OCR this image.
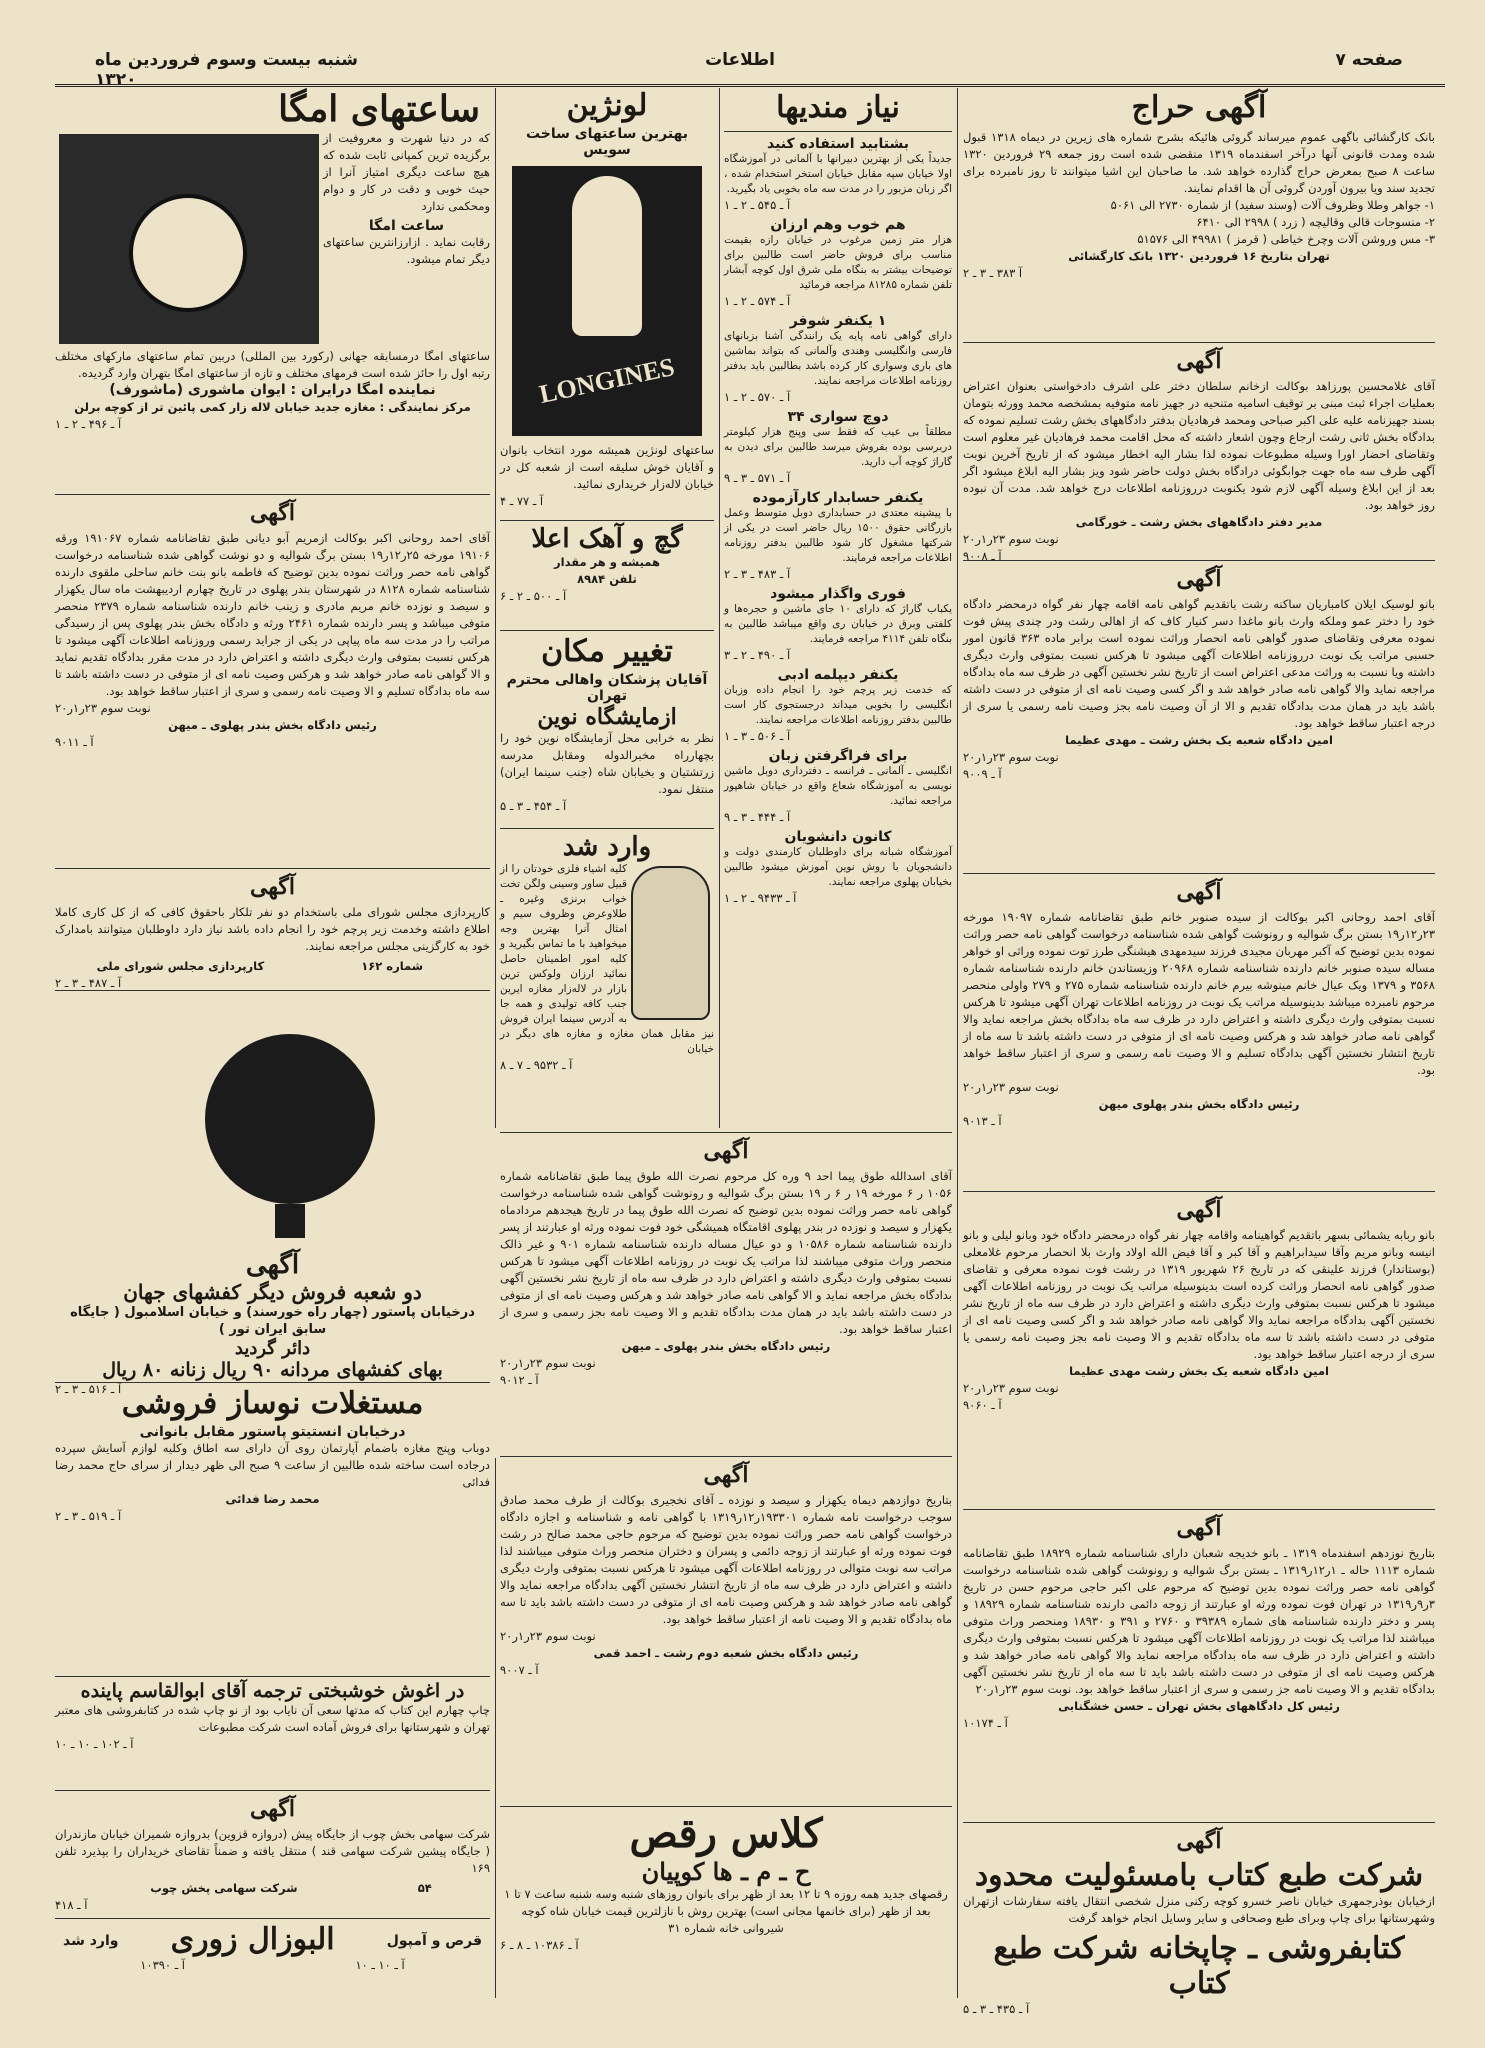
شنبه بیست وسوم فروردین ماه ۱۳۲۰
اطلاعات	صفحه ۷
آگهی حراج
بانک کارگشائی باگهی عموم میرساند گروئی هائیکه بشرح شماره های زیرین در دیماه ۱۳۱۸ قبول شده ومدت قانونی آنها درآخر اسفندماه ۱۳۱۹ منقضی شده است روز جمعه ۲۹ فروردین ۱۳۲۰ ساعت ۸ صبح بمعرض حراج گذارده خواهد شد. ما صاحبان این اشیا میتوانند تا روز نامبرده برای تجدید سند ویا بیرون آوردن گروئی آن ها اقدام نمایند.
۱- جواهر وطلا وظروف آلات (وسند سفید) از شماره ۲۷۳۰ الی ۵۰۶۱
۲- منسوجات قالی وقالیچه ( زرد ) ۲۹۹۸ الی ۶۴۱۰
۳- مس وروشن آلات وچرخ خیاطی ( قرمز ) ۴۹۹۸۱ الی ۵۱۵۷۶
تهران بتاریخ ۱۶ فروردین ۱۳۲۰ بانک کارگشائی
آ ۳۸۳ ـ ۳ ـ ۲
آگهی
آقای غلامحسین پورزاهد بوکالت ازخانم سلطان دختر علی اشرف دادخواستی بعنوان اعتراض بعملیات اجراء ثبت مبنی بر توقیف اسامیه متنحیه در جهیز نامه متوفیه بمشخصه محمد وورثه بتومان بسند جهیزنامه علیه علی اکبر صباحی ومحمد فرهادیان بدفتر دادگاههای بخش رشت تسلیم نموده که بدادگاه بخش ثانی رشت ارجاع وچون اشعار داشته که محل اقامت محمد فرهادیان غیر معلوم است وتقاضای احضار اورا وسیله مطبوعات نموده لذا بشار الیه اخطار میشود که از تاریخ آخرین نوبت آگهی طرف سه ماه جهت جوابگوئی درادگاه بخش دولت حاضر شود ویز بشار الیه ابلاغ میشود اگر بعد از این ابلاغ وسیله آگهی لازم شود یکنوبت درروزنامه اطلاعات درج خواهد شد. مدت آن نبوده روز خواهد بود.
مدیر دفتر دادگاههای بخش رشت ـ خورگامی
نوبت سوم ۲۳ر۱ر۲۰
آ ـ ۹۰۰۸
آگهی
بانو لوسیک ایلان کامباریان ساکنه رشت باتقدیم گواهی نامه اقامه چهار نفر گواه درمحضر دادگاه خود را دختر عمو وملکه وارث بانو ماغدا دسر کنیار کاف که از اهالی رشت ودر چندی پیش فوت نموده معرفی وتقاضای صدور گواهی نامه انحصار وراثت نموده است برابر ماده ۳۶۳ قانون امور حسبی مراتب یک نوبت درروزنامه اطلاعات آگهی میشود تا هرکس نسبت بمتوفی وارث دیگری داشته ویا نسبت به وراثت مدعی اعتراض است از تاریخ نشر نخستین آگهی در ظرف سه ماه بدادگاه مراجعه نماید والا گواهی نامه صادر خواهد شد و اگر کسی وصیت نامه ای از متوفی در دست داشته باشد باید در همان مدت بدادگاه تقدیم و الا از آن وصیت نامه بجز وصیت نامه رسمی یا سری از درجه اعتبار ساقط خواهد بود.
امین دادگاه شعبه یک بخش رشت ـ مهدی عظیما
نوبت سوم ۲۳ر۱ر۲۰
آ ـ ۹۰۰۹
آگهی
آقای احمد روحانی اکبر بوکالت از سیده صنوبر خانم طبق تقاضانامه شماره ۱۹۰۹۷ مورخه ۲۳ر۱۲ر۱۹ بستن برگ شوالیه و رونوشت گواهی شده شناسنامه درخواست گواهی نامه حصر وراثت نموده بدین توضیح که آکبر مهربان مجیدی فرزند سیدمهدی هیشنگی طرز توت نموده وراثی او خواهر مساله سیده صنوبر خانم دارنده شناسنامه شماره ۲۰۹۶۸ وزیستاندن خانم دارنده شناسنامه شماره ۳۵۶۸ و ۱۳۷۹ ویک عیال خانم مینوشه بیرم خانم دارنده شناسنامه شماره ۲۷۵ و ۲۷۹ واولی منحصر مرحوم نامبرده میباشد بدینوسیله مراتب یک نوبت در روزنامه اطلاعات تهران آگهی میشود تا هرکس نسبت بمتوفی وارث دیگری داشته و اعتراض دارد در ظرف سه ماه بدادگاه بخش مراجعه نماید والا گواهی نامه صادر خواهد شد و هرکس وصیت نامه ای از متوفی در دست داشته باشد تا سه ماه از تاریخ انتشار نخستین آگهی بدادگاه تسلیم و الا وصیت نامه رسمی و سری از اعتبار ساقط خواهد بود.
نوبت سوم ۲۳ر۱ر۲۰
رئیس دادگاه بخش بندر پهلوی میهن
آ ـ ۹۰۱۳
آگهی
بانو ربابه یشمائی بسهر باتقدیم گواهینامه واقامه چهار نفر گواه درمحضر دادگاه خود وبانو لیلی و بانو انیسه وبانو مریم وآقا سیدابراهیم و آقا کبر و آقا فیض الله اولاد وارث بلا انحصار مرحوم غلامعلی (بوستاندار) فرزند علینقی که در تاریخ ۲۶ شهریور ۱۳۱۹ در رشت فوت نموده معرفی و تقاضای صدور گواهی نامه انحصار وراثت کرده است بدینوسیله مراتب یک نوبت در روزنامه اطلاعات آگهی میشود تا هرکس نسبت بمتوفی وارث دیگری داشته و اعتراض دارد در ظرف سه ماه از تاریخ نشر نخستین آگهی بدادگاه مراجعه نماید والا گواهی نامه صادر خواهد شد و اگر کسی وصیت نامه ای از متوفی در دست داشته باشد تا سه ماه بدادگاه تقدیم و الا وصیت نامه بجز وصیت نامه رسمی یا سری از درجه اعتبار ساقط خواهد بود.
امین دادگاه شعبه یک بخش رشت مهدی عظیما
نوبت سوم ۲۳ر۱ر۲۰
آ ـ ۹۰۶۰
آگهی
بتاریخ نوزدهم اسفندماه ۱۳۱۹ ـ بانو خدیجه شعبان دارای شناسنامه شماره ۱۸۹۲۹ طبق تقاضانامه شماره ۱۱۱۳ حاله ـ ۱ر۱۲ر۱۳۱۹ ـ بستن برگ شوالیه و رونوشت گواهی شده شناسنامه درخواست گواهی نامه حصر وراثت نموده بدین توضیح که مرحوم علی اکبر حاجی مرحوم حسن در تاریخ ۳ر۹ر۱۳۱۹ در تهران فوت نموده ورثه او عبارتند از زوجه دائمی دارنده شناسنامه شماره ۱۸۹۲۹ و پسر و دختر دارنده شناسنامه های شماره ۳۹۳۸۹ و ۲۷۶۰ و ۳۹۱ و ۱۸۹۳۰ ومنحصر وراث متوفی میباشند لذا مراتب یک نوبت در روزنامه اطلاعات آگهی میشود تا هرکس نسبت بمتوفی وارث دیگری داشته و اعتراض دارد در ظرف سه ماه بدادگاه مراجعه نماید والا گواهی نامه صادر خواهد شد و هرکس وصیت نامه ای از متوفی در دست داشته باشد باید تا سه ماه از تاریخ نشر نخستین آگهی بدادگاه تقدیم و الا وصیت نامه جز رسمی و سری از اعتبار ساقط خواهد بود. نوبت سوم ۲۳ر۱ر۲۰
رئیس کل دادگاههای بخش تهران ـ حسن خشگنابی
آ ـ ۱۰۱۷۴
آگهی
شرکت طبع کتاب بامسئولیت محدود
ازخیابان بوذرجمهری خیابان ناصر خسرو کوچه رکنی منزل شخصی انتقال یافته سفارشات ازتهران وشهرستانها برای چاپ وبرای طبع وصحافی و سایر وسایل انجام خواهد گرفت
کتابفروشی ـ چاپخانه شرکت طبع کتاب
آ ـ ۴۳۵ ـ ۳ ـ ۵
نیاز مندیها
بشتابید استفاده کنید
جدیداً یکی از بهترین دبیرانها با آلمانی در آموزشگاه اولا خیابان سپه مقابل خیابان استخر استخدام شده ، اگر زبان مزبور را در مدت سه ماه بخوبی یاد بگیرید.
آ ـ ۵۴۵ ـ ۲ ـ ۱
هم خوب وهم ارزان
هزار متر زمین مرغوب در خیابان رازه بقیمت مناسب برای فروش حاضر است طالبین برای توضیحات بیشتر به بنگاه ملی شرق اول کوچه آبشار تلفن شماره ۸۱۲۸۵ مراجعه فرمائید
آ ـ ۵۷۴ ـ ۲ ـ ۱
۱ یکنفر شوفر
دارای گواهی نامه پایه یک رانندگی آشنا بزبانهای فارسی وانگلیسی وهندی وآلمانی که بتواند بماشین های باری وسواری کار کرده باشد بطالبین باید بدفتر روزنامه اطلاعات مراجعه نمایند.
آ ـ ۵۷۰ ـ ۲ ـ ۱
دوچ سواری ۳۴
مطلقاً بی عیب که فقط سی وپنج هزار کیلومتر دربرسی بوده بفروش میرسد طالبین برای دیدن به گاراژ کوچه آب دارید.
آ ـ ۵۷۱ ـ ۳ ـ ۹
یکنفر حسابدار کارآزموده
با پیشینه معتدی در حسابداری دوبل متوسط وعمل بازرگانی حقوق ۱۵۰۰ ریال حاضر است در یکی از شرکتها مشغول کار شود طالبین بدفتر روزنامه اطلاعات مراجعه فرمایند.
آ ـ ۴۸۳ ـ ۳ ـ ۲
فوری واگذار میشود
یکباب گاراژ که دارای ۱۰ جای ماشین و حجره‌ها و کلفتی وبرق در خیابان ری واقع میباشد طالبین به بنگاه تلفن ۴۱۱۴ مراجعه فرمایند.
آ ـ ۴۹۰ ـ ۲ ـ ۳
یکنفر دیپلمه ادبی
که خدمت زیر پرچم خود را انجام داده وزبان انگلیسی را بخوبی میداند درجستجوی کار است طالبین بدفتر روزنامه اطلاعات مراجعه نمایند.
آ ـ ۵۰۶ ـ ۳ ـ ۱
برای فراگرفتن زبان
انگلیسی ـ آلمانی ـ فرانسه ـ دفترداری دوبل ماشین نویسی به آموزشگاه شعاع واقع در خیابان شاهپور مراجعه نمائید.
آ ـ ۴۴۴ ـ ۳ ـ ۹
کانون دانشویان
آموزشگاه شبانه برای داوطلبان کارمندی دولت و دانشجویان با روش نوین آموزش میشود طالبین بخیابان پهلوی مراجعه نمایند.
آ ـ ۹۴۳۳ ـ ۲ ـ ۱
لونژین
بهترین ساعتهای ساخت سویس
LONGINES
ساعتهای لونژین همیشه مورد انتخاب بانوان و آقایان خوش سلیقه است از شعبه کل در خیابان لاله‌زار خریداری نمائید.
آ ـ ۷۷ ـ ۴
گچ و آهک اعلا
همیشه و هر مقدار
تلفن ۸۹۸۴
آ ـ ۵۰۰ ـ ۲ ـ ۶
تغییر مکان
آقایان پزشکان واهالی محترم تهران
ازمایشگاه نوین
نظر به خرابی محل آزمایشگاه نوین خود را بچهارراه مخبرالدوله ومقابل مدرسه زرتشتیان و بخیابان شاه (جنب سینما ایران) منتقل نمود.
آ ـ ۴۵۴ ـ ۳ ـ ۵
وارد شد
کلیه اشیاء فلزی خودتان را از قبیل ساور وسینی ولگن تخت خواب برنزی وغیره ـ طلاوعرض وظروف سیم و امثال آنرا بهترین وجه میخواهید با ما تماس بگیرید و کلیه امور اطمینان حاصل نمائید ارزان ولوکس ترین بازار در لاله‌زار مغازه ایرین جنب کافه تولیدی و همه جا به آدرس سینما ایران فروش نیز مقابل همان مغازه و مغازه های دیگر در خیابان
آ ـ ۹۵۳۲ ـ ۷ ـ ۸
آگهی
آقای اسدالله طوق پیما احد ۹ وره کل مرحوم نصرت الله طوق پیما طبق تقاضانامه شماره ۱۰۵۶ ر ۶ مورخه ۱۹ ر ۶ ر ۱۹ بستن برگ شوالیه و رونوشت گواهی شده شناسنامه درخواست گواهی نامه حصر وراثت نموده بدین توضیح که نصرت الله طوق پیما در تاریخ هیجدهم مردادماه یکهزار و سیصد و نوزده در بندر پهلوی اقامتگاه همیشگی خود فوت نموده ورثه او عبارتند از پسر دارنده شناسنامه شماره ۱۰۵۸۶ و دو عیال مساله دارنده شناسنامه شماره ۹۰۱ و غیر ذالک منحصر وراث متوفی میباشند لذا مراتب یک نوبت در روزنامه اطلاعات آگهی میشود تا هرکس نسبت بمتوفی وارث دیگری داشته و اعتراض دارد در ظرف سه ماه از تاریخ نشر نخستین آگهی بدادگاه بخش مراجعه نماید و الا گواهی نامه صادر خواهد شد و هرکس وصیت نامه ای از متوفی در دست داشته باشد باید در همان مدت بدادگاه تقدیم و الا وصیت نامه بجز رسمی و سری از اعتبار ساقط خواهد بود.
رئیس دادگاه بخش بندر پهلوی ـ میهن
نوبت سوم ۲۳ر۱ر۲۰
آ ـ ۹۰۱۲
آگهی
بتاریخ دوازدهم دیماه یکهزار و سیصد و نوزده ـ آقای نخجیری بوکالت از طرف محمد صادق سوجب درخواست نامه شماره ۱۹۳۳۰۱ر۱۲ر۱۳۱۹ با گواهی نامه و شناسنامه و اجازه دادگاه درخواست گواهی نامه حصر وراثت نموده بدین توضیح که مرحوم حاجی محمد صالح در رشت فوت نموده ورثه او عبارتند از زوجه دائمی و پسران و دختران منحصر وراث متوفی میباشند لذا مراتب سه نوبت متوالی در روزنامه اطلاعات آگهی میشود تا هرکس نسبت بمتوفی وارث دیگری داشته و اعتراض دارد در ظرف سه ماه از تاریخ انتشار نخستین آگهی بدادگاه مراجعه نماید والا گواهی نامه صادر خواهد شد و هرکس وصیت نامه ای از متوفی در دست داشته باشد باید تا سه ماه بدادگاه تقدیم و الا وصیت نامه از اعتبار ساقط خواهد بود.
نوبت سوم ۲۳ر۱ر۲۰
رئیس دادگاه بخش شعبه دوم رشت ـ احمد قمی
آ ـ ۹۰۰۷
کلاس رقص
ح ـ م ـ ها کوپیان
رقصهای جدید همه روزه ۹ تا ۱۲ بعد از ظهر برای بانوان روزهای شنبه وسه شنبه ساعت ۷ تا ۱ بعد از ظهر (برای خانمها مجانی است) بهترین روش با نازلترین قیمت خیابان شاه کوچه شیروانی خانه شماره ۳۱
آ ـ ۱۰۳۸۶ ـ ۸ ـ ۶
ساعتهای امگا
که در دنیا شهرت و معروفیت از برگزیده ترین کمپانی ثابت شده که هیچ ساعت دیگری امتیاز آنرا از حیث خوبی و دقت در کار و دوام ومحکمی ندارد
ساعت امگا
رقابت نماید . ازارزانترین ساعتهای دیگر تمام میشود.
ساعتهای امگا درمسابقه جهانی (رکورد بین المللی) دربین تمام ساعتهای مارکهای مختلف رتبه اول را حائز شده است فرمهای مختلف و تازه از ساعتهای امگا بتهران وارد گردیده.
نماینده امگا درایران : ایوان ماشوری (ماشورف)
مرکز نمایندگی : مغازه جدید خیابان لاله زار کمی پائین تر از کوچه برلن
آ ـ ۴۹۶ ـ ۲ ـ ۱
آگهی
آقای احمد روحانی اکبر بوکالت ازمریم آبو دیانی طبق تقاضانامه شماره ۱۹۱۰۶۷ ورقه ۱۹۱۰۶ مورخه ۲۵ر۱۲ر۱۹ بستن برگ شوالیه و دو نوشت گواهی شده شناسنامه درخواست گواهی نامه حصر وراثت نموده بدین توضیح که فاطمه بانو بنت خانم ساحلی ملقوی دارنده شناسنامه شماره ۸۱۲۸ در شهرستان بندر پهلوی در تاریخ چهارم اردیبهشت ماه سال یکهزار و سیصد و نوزده خانم مریم مادری و زینب خانم دارنده شناسنامه شماره ۲۳۷۹ منحصر متوفی میباشد و پسر دارنده شماره ۲۴۶۱ ورثه و دادگاه بخش بندر پهلوی پس از رسیدگی مراتب را در مدت سه ماه پیاپی در یکی از جراید رسمی وروزنامه اطلاعات آگهی میشود تا هرکس نسبت بمتوفی وارث دیگری داشته و اعتراض دارد در مدت مقرر بدادگاه تقدیم نماید و الا گواهی نامه صادر خواهد شد و هرکس وصیت نامه ای از متوفی در دست داشته باشد تا سه ماه بدادگاه تسلیم و الا وصیت نامه رسمی و سری از اعتبار ساقط خواهد بود.
نوبت سوم ۲۳ر۱ر۲۰
رئیس دادگاه بخش بندر پهلوی ـ میهن
آ ـ ۹۰۱۱
آگهی
کارپردازی مجلس شورای ملی باستخدام دو نفر تلکار باحقوق کافی که از کل کاری کاملا اطلاع داشته وخدمت زیر پرچم خود را انجام داده باشد نیاز دارد داوطلبان میتوانند بامدارک خود به کارگزینی مجلس مراجعه نمایند.
شماره ۱۶۲ کارپردازی مجلس شورای ملی
آ ـ ۴۸۷ ـ ۳ ـ ۲
آگهی
دو شعبه فروش دیگر کفشهای جهان
درخیابان پاستور (چهار راه خورسند) و خیابان اسلامبول ( جایگاه سابق ایران تور )
دائر گردید
بهای کفشهای مردانه ۹۰ ریال زنانه ۸۰ ریال
آ ـ ۵۱۶ ـ ۳ ـ ۲ مستغلات نوساز فروشی
درخیابان انستیتو پاستور مقابل بانوانی
دوباب وپنج مغازه باضمام آپارتمان روی آن دارای سه اطاق وکلیه لوازم آسایش سپرده درجاده است ساخته شده طالبین از ساعت ۹ صبح الی ظهر دیدار از سرای حاج محمد رضا فدائی
محمد رضا فدائی
آ ـ ۵۱۹ ـ ۳ ـ ۲
در اغوش خوشبختی ترجمه آقای ابوالقاسم پاینده
چاپ چهارم این کتاب که مدتها سعی آن نایاب بود از نو چاپ شده در کتابفروشی های معتبر تهران و شهرستانها برای فروش آماده است شرکت مطبوعات
آ ـ ۱۰۲ ـ ۱۰ ـ ۱۰
آگهی
شرکت سهامی بخش چوب از جایگاه پیش (دروازه قزوین) بدروازه شمیران خیابان مازندران ( جایگاه پیشین شرکت سهامی قند ) منتقل یافته و ضمناً تقاضای خریداران را بپذیرد تلفن ۱۶۹
۵۴ شرکت سهامی پخش چوب
آ ـ ۴۱۸
قرص و آمپول
البوزال زوری
وارد شد
آ ـ ۱۰۳۹۰	آ ـ ۱۰ ـ ۱۰
